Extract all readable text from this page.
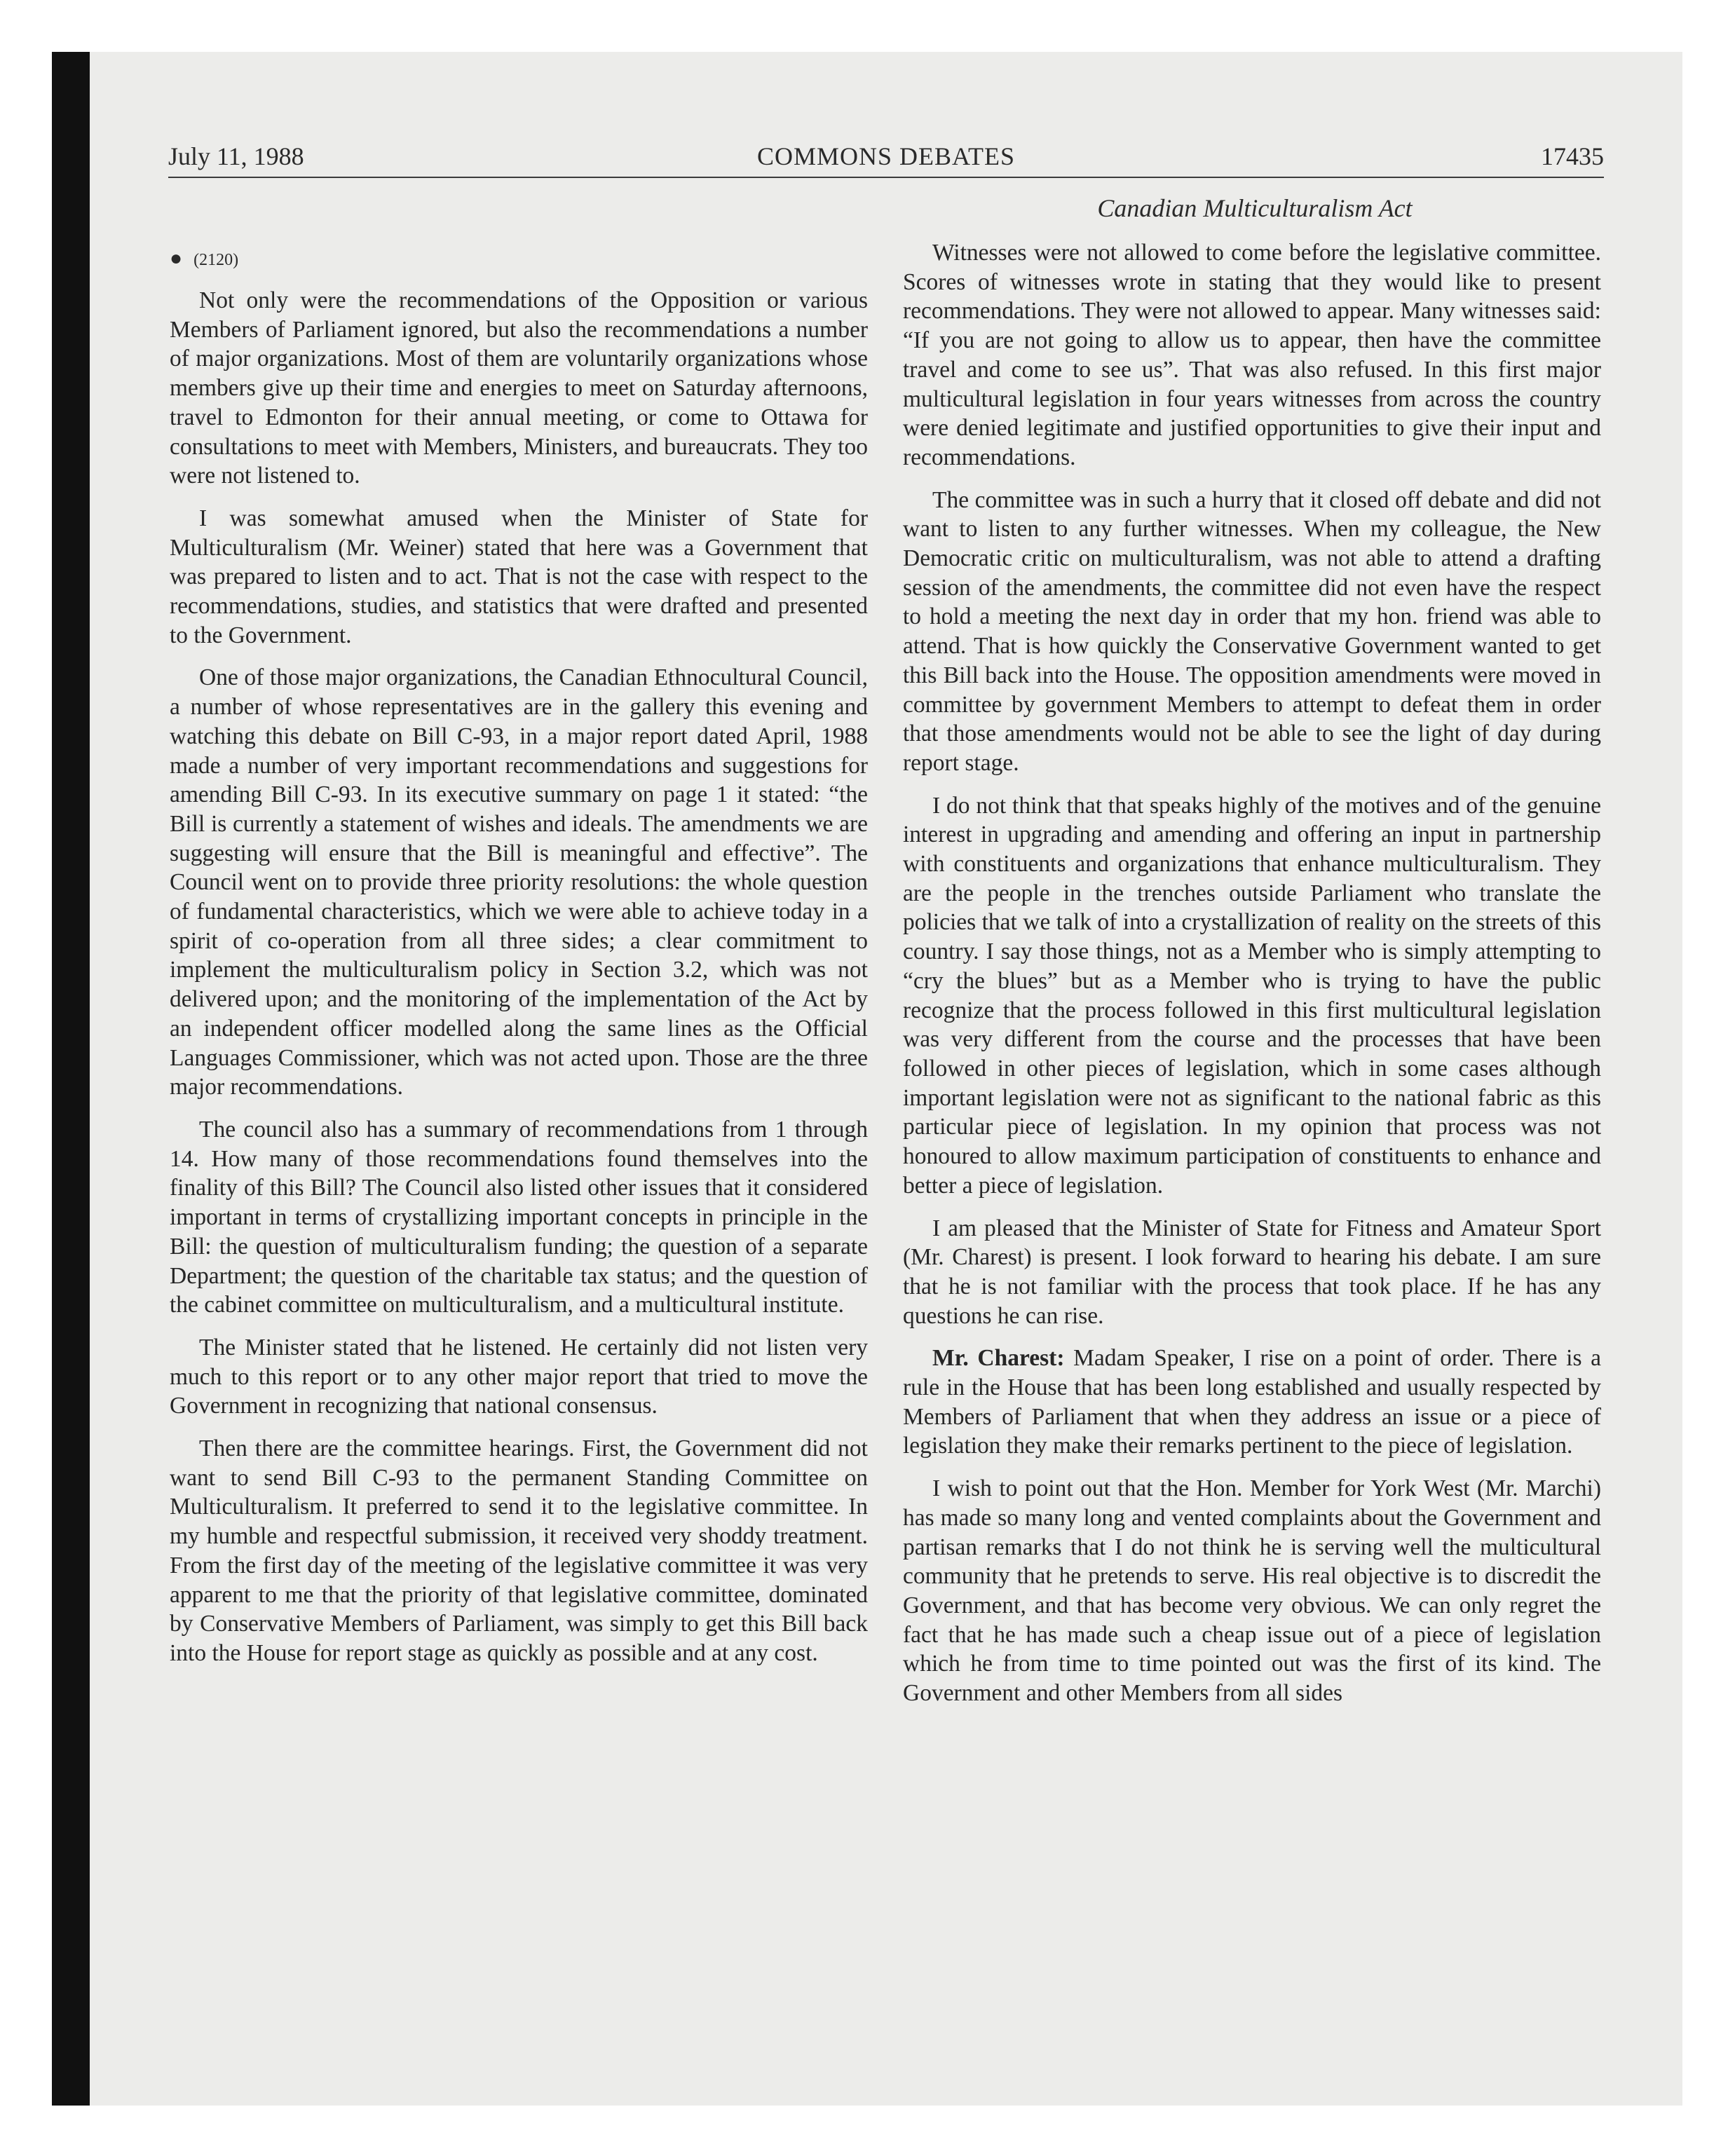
July 11, 1988	COMMONS DEBATES	17435
Canadian Multiculturalism Act
● (2120)

Not only were the recommendations of the Opposition or various Members of Parliament ignored, but also the recommendations a number of major organizations. Most of them are voluntarily organizations whose members give up their time and energies to meet on Saturday afternoons, travel to Edmonton for their annual meeting, or come to Ottawa for consultations to meet with Members, Ministers, and bureaucrats. They too were not listened to.

I was somewhat amused when the Minister of State for Multiculturalism (Mr. Weiner) stated that here was a Government that was prepared to listen and to act. That is not the case with respect to the recommendations, studies, and statistics that were drafted and presented to the Government.

One of those major organizations, the Canadian Ethnocultural Council, a number of whose representatives are in the gallery this evening and watching this debate on Bill C-93, in a major report dated April, 1988 made a number of very important recommendations and suggestions for amending Bill C-93. In its executive summary on page 1 it stated: “the Bill is currently a statement of wishes and ideals. The amendments we are suggesting will ensure that the Bill is meaningful and effective”. The Council went on to provide three priority resolutions: the whole question of fundamental characteristics, which we were able to achieve today in a spirit of co-operation from all three sides; a clear commitment to implement the multiculturalism policy in Section 3.2, which was not delivered upon; and the monitoring of the implementation of the Act by an independent officer modelled along the same lines as the Official Languages Commissioner, which was not acted upon. Those are the three major recommendations.

The council also has a summary of recommendations from 1 through 14. How many of those recommendations found themselves into the finality of this Bill? The Council also listed other issues that it considered important in terms of crystallizing important concepts in principle in the Bill: the question of multiculturalism funding; the question of a separate Department; the question of the charitable tax status; and the question of the cabinet committee on multiculturalism, and a multicultural institute.

The Minister stated that he listened. He certainly did not listen very much to this report or to any other major report that tried to move the Government in recognizing that national consensus.

Then there are the committee hearings. First, the Government did not want to send Bill C-93 to the permanent Standing Committee on Multiculturalism. It preferred to send it to the legislative committee. In my humble and respectful submission, it received very shoddy treatment. From the first day of the meeting of the legislative committee it was very apparent to me that the priority of that legislative committee, dominated by Conservative Members of Parliament, was simply to get this Bill back into the House for report stage as quickly as possible and at any cost.

Witnesses were not allowed to come before the legislative committee. Scores of witnesses wrote in stating that they would like to present recommendations. They were not allowed to appear. Many witnesses said: “If you are not going to allow us to appear, then have the committee travel and come to see us”. That was also refused. In this first major multicultural legislation in four years witnesses from across the country were denied legitimate and justified opportunities to give their input and recommendations.

The committee was in such a hurry that it closed off debate and did not want to listen to any further witnesses. When my colleague, the New Democratic critic on multiculturalism, was not able to attend a drafting session of the amendments, the committee did not even have the respect to hold a meeting the next day in order that my hon. friend was able to attend. That is how quickly the Conservative Government wanted to get this Bill back into the House. The opposition amendments were moved in committee by government Members to attempt to defeat them in order that those amendments would not be able to see the light of day during report stage.

I do not think that that speaks highly of the motives and of the genuine interest in upgrading and amending and offering an input in partnership with constituents and organizations that enhance multiculturalism. They are the people in the trenches outside Parliament who translate the policies that we talk of into a crystallization of reality on the streets of this country. I say those things, not as a Member who is simply attempting to “cry the blues” but as a Member who is trying to have the public recognize that the process followed in this first multicultural legislation was very different from the course and the processes that have been followed in other pieces of legislation, which in some cases although important legislation were not as significant to the national fabric as this particular piece of legislation. In my opinion that process was not honoured to allow maximum participation of constituents to enhance and better a piece of legislation.

I am pleased that the Minister of State for Fitness and Amateur Sport (Mr. Charest) is present. I look forward to hearing his debate. I am sure that he is not familiar with the process that took place. If he has any questions he can rise.

Mr. Charest: Madam Speaker, I rise on a point of order. There is a rule in the House that has been long established and usually respected by Members of Parliament that when they address an issue or a piece of legislation they make their remarks pertinent to the piece of legislation.

I wish to point out that the Hon. Member for York West (Mr. Marchi) has made so many long and vented complaints about the Government and partisan remarks that I do not think he is serving well the multicultural community that he pretends to serve. His real objective is to discredit the Government, and that has become very obvious. We can only regret the fact that he has made such a cheap issue out of a piece of legislation which he from time to time pointed out was the first of its kind. The Government and other Members from all sides
